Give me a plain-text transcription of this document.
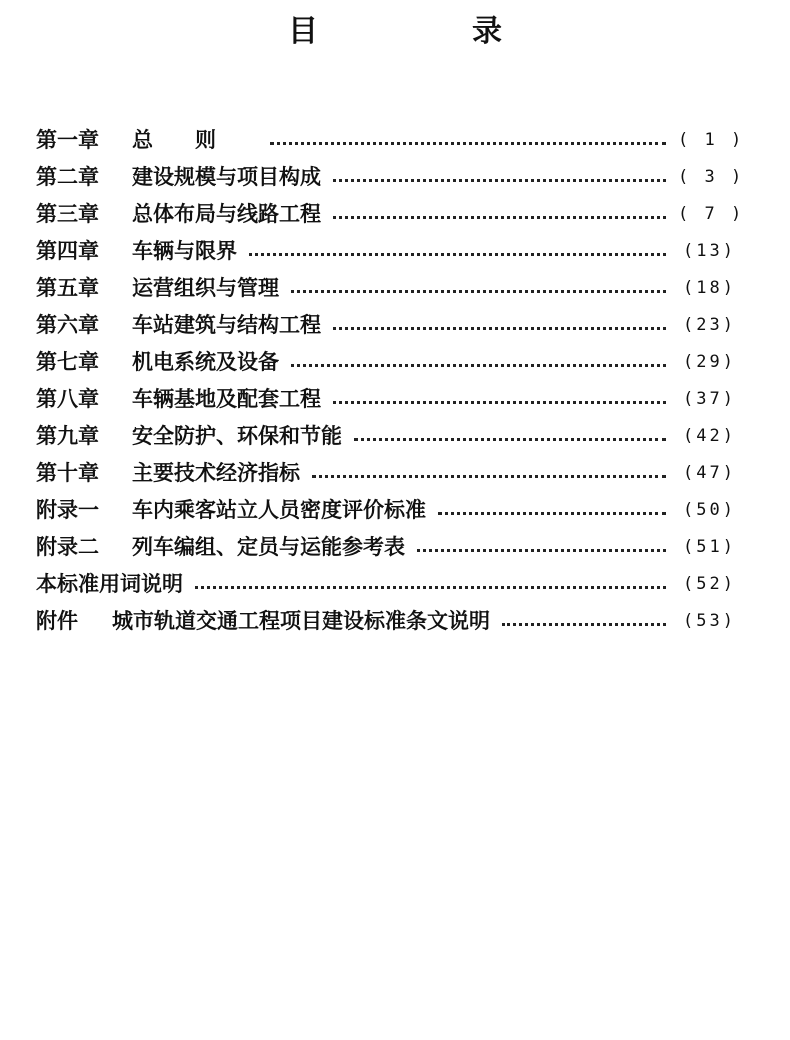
目　录
第一章	总则	( 1 )
第二章	建设规模与项目构成	( 3 )
第三章	总体布局与线路工程	( 7 )
第四章	车辆与限界	(13)
第五章	运营组织与管理	(18)
第六章	车站建筑与结构工程	(23)
第七章	机电系统及设备	(29)
第八章	车辆基地及配套工程	(37)
第九章	安全防护、环保和节能	(42)
第十章	主要技术经济指标	(47)
附录一	车内乘客站立人员密度评价标准	(50)
附录二	列车编组、定员与运能参考表	(51)
本标准用词说明	(52)
附件	城市轨道交通工程项目建设标准条文说明	(53)
